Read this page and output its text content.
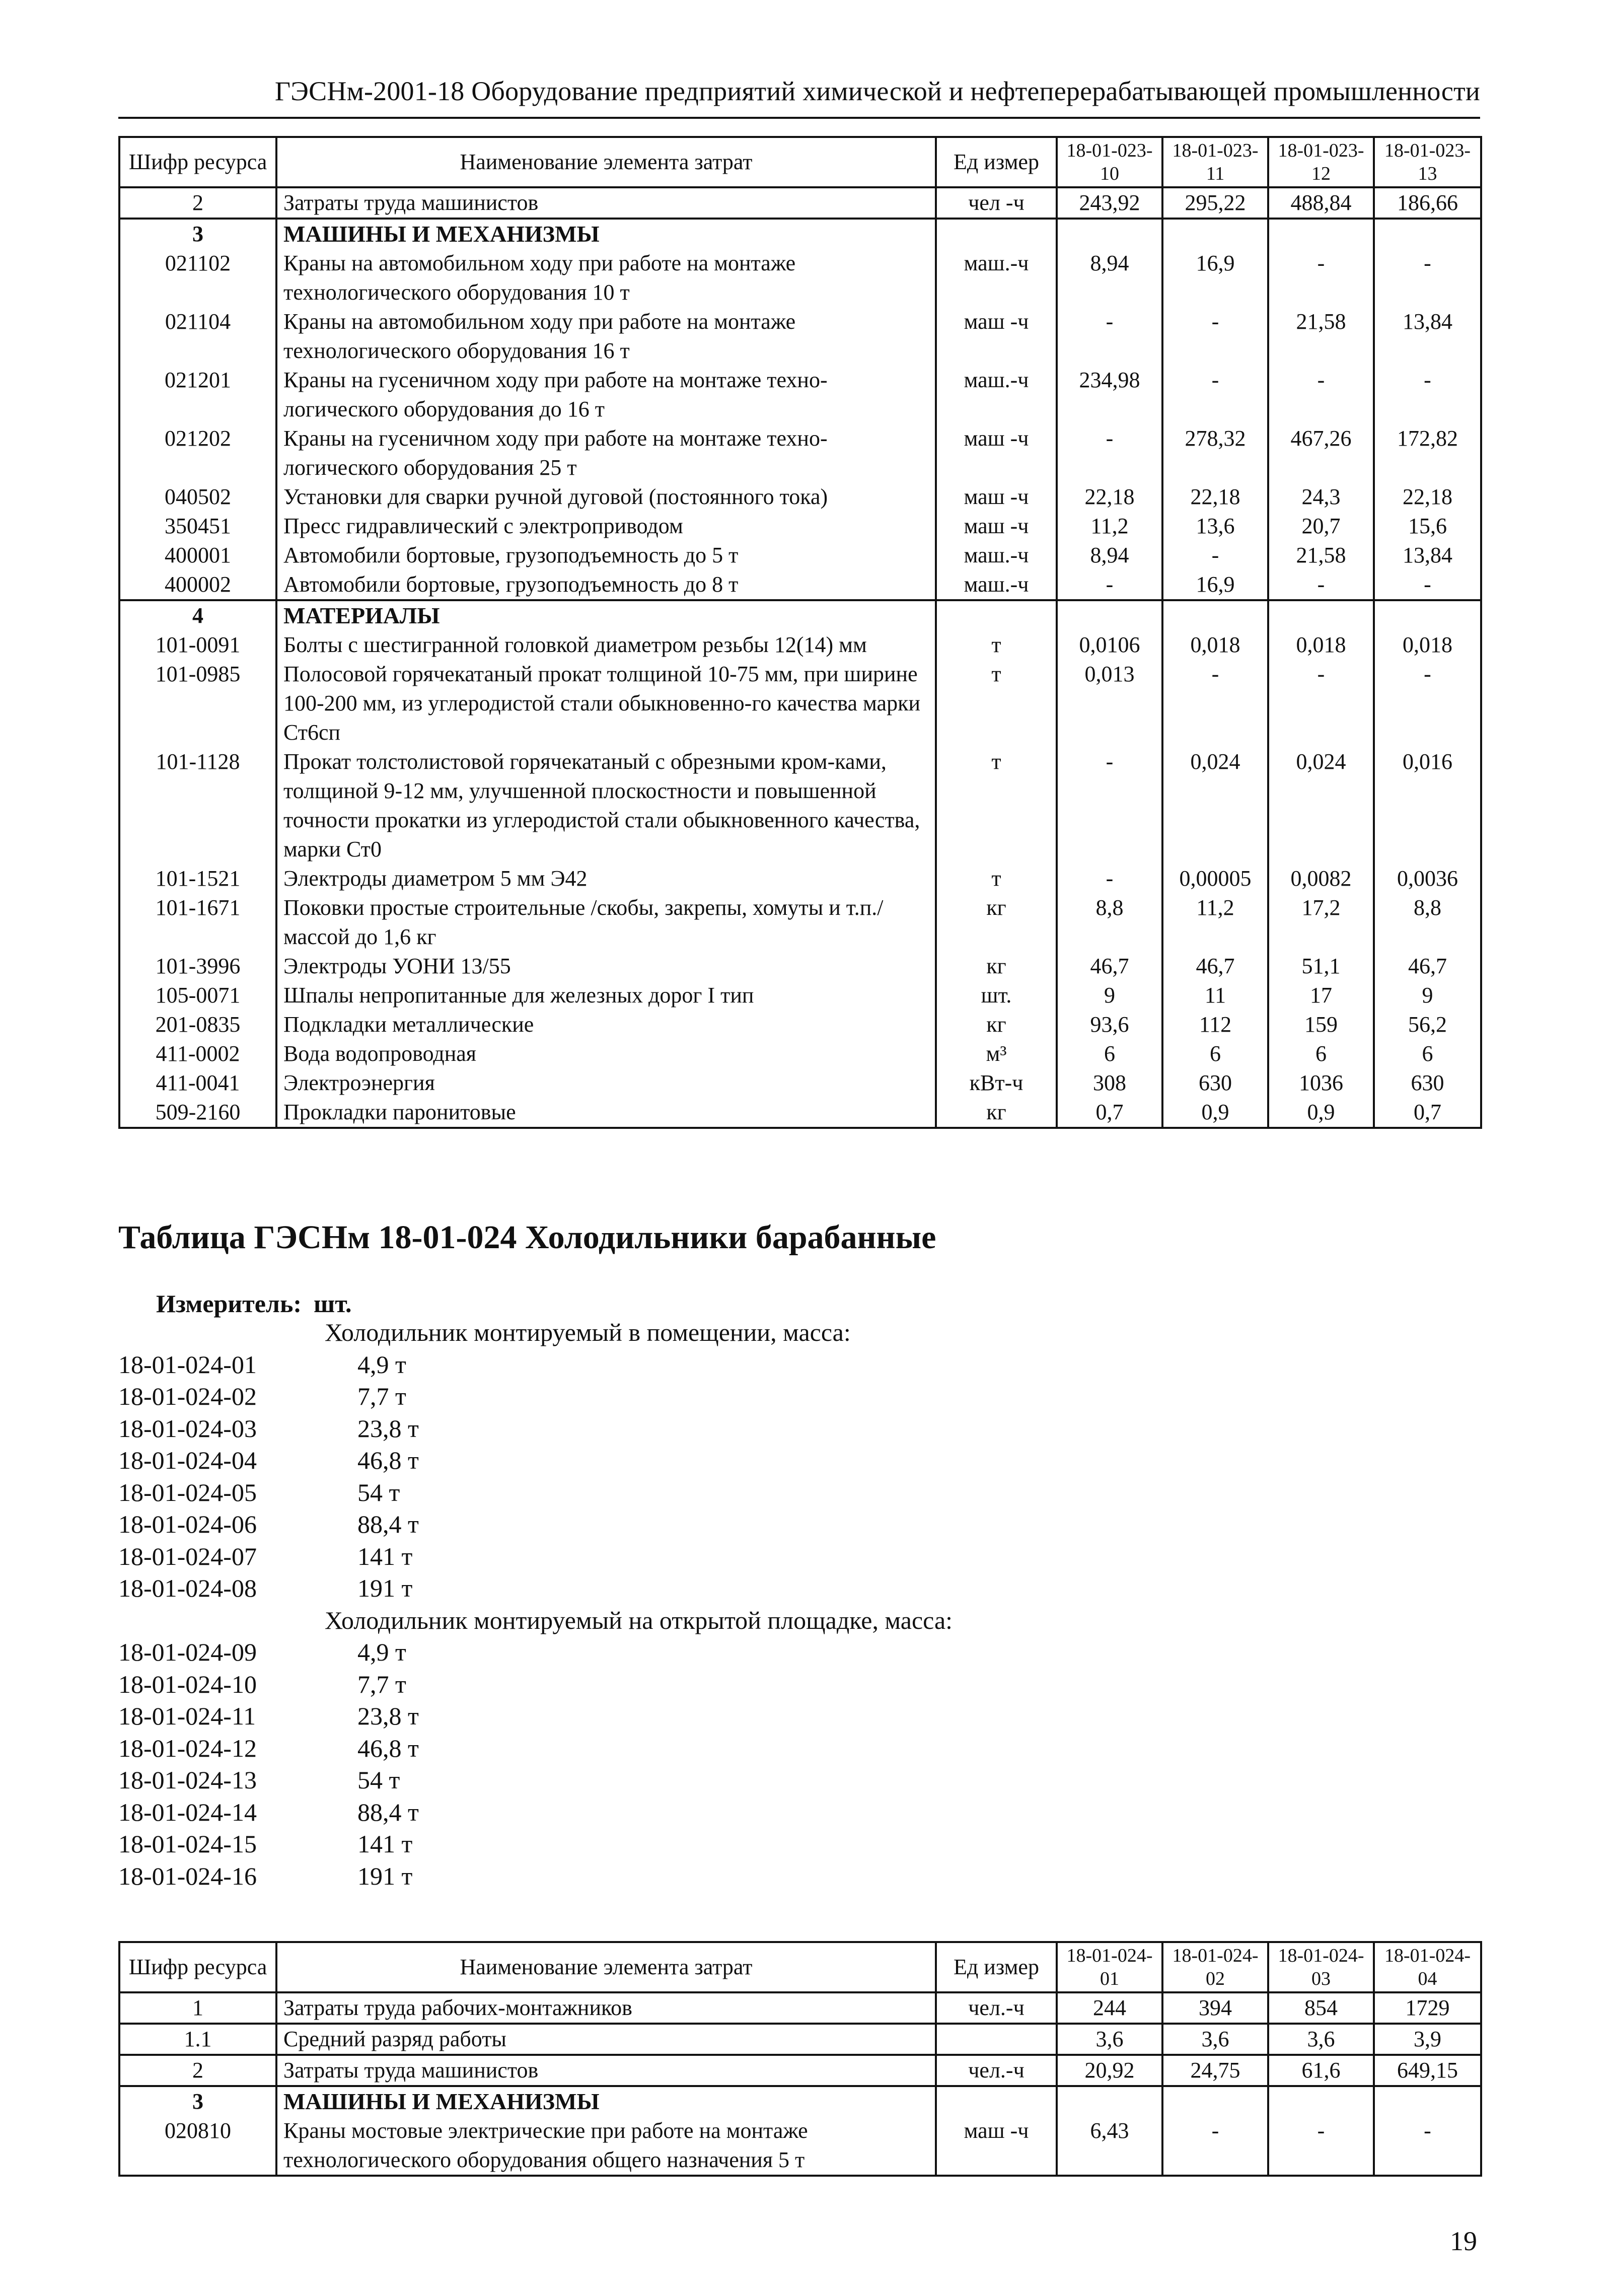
ГЭСНм-2001-18 Оборудование предприятий химической и нефтеперерабатывающей промышленности
Шифр ресурса	Наименование элемента затрат	Ед измер	18-01-023-10	18-01-023-11	18-01-023-12	18-01-023-13
2	Затраты труда машинистов	чел -ч	243,92	295,22	488,84	186,66
3	МАШИНЫ И МЕХАНИЗМЫ					
021102	Краны на автомобильном ходу при работе на монтаже технологического оборудования 10 т	маш.-ч	8,94	16,9	-	-
021104	Краны на автомобильном ходу при работе на монтаже технологического оборудования 16 т	маш -ч	-	-	21,58	13,84
021201	Краны на гусеничном ходу при работе на монтаже техно-логического оборудования до 16 т	маш.-ч	234,98	-	-	-
021202	Краны на гусеничном ходу при работе на монтаже техно-логического оборудования 25 т	маш -ч	-	278,32	467,26	172,82
040502	Установки для сварки ручной дуговой (постоянного тока)	маш -ч	22,18	22,18	24,3	22,18
350451	Пресс гидравлический с электроприводом	маш -ч	11,2	13,6	20,7	15,6
400001	Автомобили бортовые, грузоподъемность до 5 т	маш.-ч	8,94	-	21,58	13,84
400002	Автомобили бортовые, грузоподъемность до 8 т	маш.-ч	-	16,9	-	-
4	МАТЕРИАЛЫ					
101-0091	Болты с шестигранной головкой диаметром резьбы 12(14) мм	т	0,0106	0,018	0,018	0,018
101-0985	Полосовой горячекатаный прокат толщиной 10-75 мм, при ширине 100-200 мм, из углеродистой стали обыкновенно-го качества марки Ст6сп	т	0,013	-	-	-
101-1128	Прокат толстолистовой горячекатаный с обрезными кром-ками, толщиной 9-12 мм, улучшенной плоскостности и повышенной точности прокатки из углеродистой стали обыкновенного качества, марки Ст0	т	-	0,024	0,024	0,016
101-1521	Электроды диаметром 5 мм Э42	т	-	0,00005	0,0082	0,0036
101-1671	Поковки простые строительные /скобы, закрепы, хомуты и т.п./ массой до 1,6 кг	кг	8,8	11,2	17,2	8,8
101-3996	Электроды УОНИ 13/55	кг	46,7	46,7	51,1	46,7
105-0071	Шпалы непропитанные для железных дорог I тип	шт.	9	11	17	9
201-0835	Подкладки металлические	кг	93,6	112	159	56,2
411-0002	Вода водопроводная	м³	6	6	6	6
411-0041	Электроэнергия	кВт-ч	308	630	1036	630
509-2160	Прокладки паронитовые	кг	0,7	0,9	0,9	0,7
Таблица ГЭСНм 18-01-024 Холодильники барабанные
Измеритель: шт.
Холодильник монтируемый в помещении, масса:
18-01-024-01	4,9 т
18-01-024-02	7,7 т
18-01-024-03	23,8 т
18-01-024-04	46,8 т
18-01-024-05	54 т
18-01-024-06	88,4 т
18-01-024-07	141 т
18-01-024-08	191 т
Холодильник монтируемый на открытой площадке, масса:
18-01-024-09	4,9 т
18-01-024-10	7,7 т
18-01-024-11	23,8 т
18-01-024-12	46,8 т
18-01-024-13	54 т
18-01-024-14	88,4 т
18-01-024-15	141 т
18-01-024-16	191 т
Шифр ресурса	Наименование элемента затрат	Ед измер	18-01-024-01	18-01-024-02	18-01-024-03	18-01-024-04
1	Затраты труда рабочих-монтажников	чел.-ч	244	394	854	1729
1.1	Средний разряд работы		3,6	3,6	3,6	3,9
2	Затраты труда машинистов	чел.-ч	20,92	24,75	61,6	649,15
3	МАШИНЫ И МЕХАНИЗМЫ					
020810	Краны мостовые электрические при работе на монтаже технологического оборудования общего назначения 5 т	маш -ч	6,43	-	-	-
19
